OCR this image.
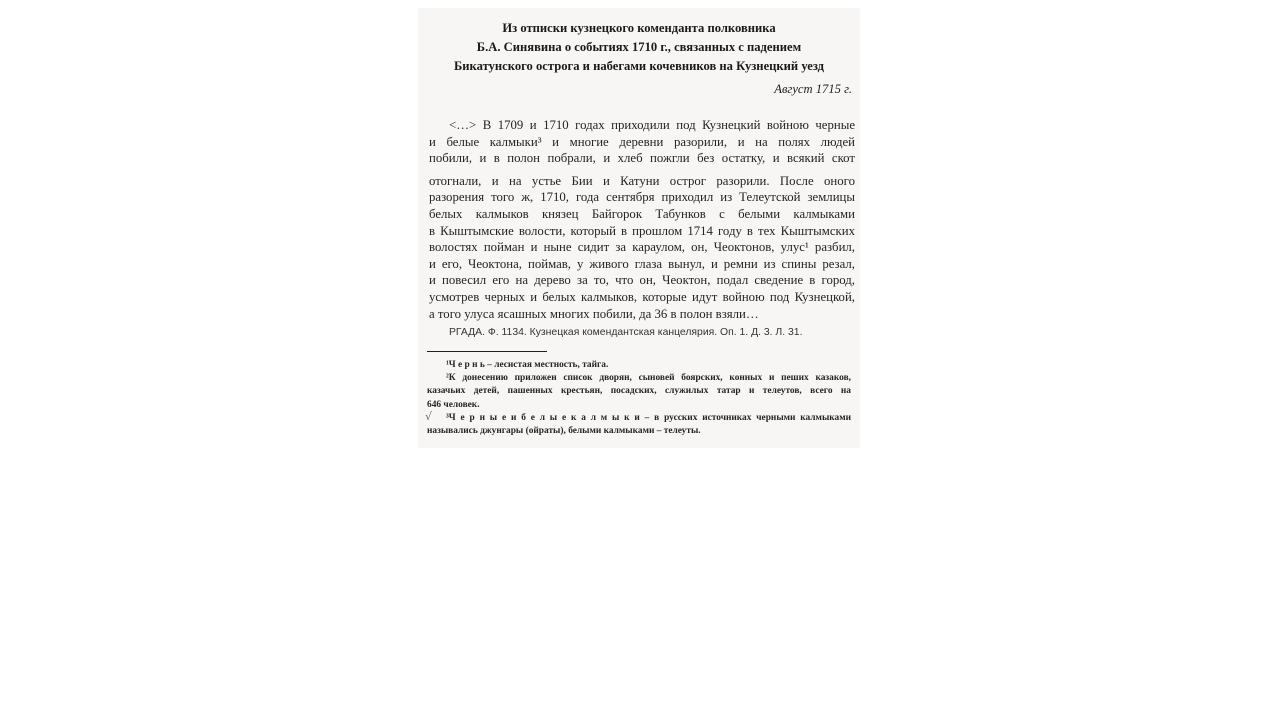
Из отписки кузнецкого коменданта полковника
Б.А. Синявина о событиях 1710 г., связанных с падением
Бикатунского острога и набегами кочевников на Кузнецкий уезд
Август 1715 г.
<…> В 1709 и 1710 годах приходили под Кузнецкий войною черные
и белые калмыки³ и многие деревни разорили, и на полях людей
побили, и в полон побрали, и хлеб пожгли без остатку, и всякий скот
отогнали, и на устье Бии и Катуни острог разорили. После оного
разорения того ж, 1710, года сентября приходил из Телеутской землицы
белых калмыков князец Байгорок Табунков с белыми калмыками
в Кыштымские волости, который в прошлом 1714 году в тех Кыштымских
волостях пойман и ныне сидит за караулом, он, Чеоктонов, улус¹ разбил,
и его, Чеоктона, поймав, у живого глаза вынул, и ремни из спины резал,
и повесил его на дерево за то, что он, Чеоктон, подал сведение в город,
усмотрев черных и белых калмыков, которые идут войною под Кузнецкой,
а того улуса ясашных многих побили, да 36 в полон взяли…
РГАДА. Ф. 1134. Кузнецкая комендантская канцелярия. Оп. 1. Д. 3. Л. 31.
√
¹Ч е р н ь – лесистая местность, тайга.
²К донесению приложен список дворян, сыновей боярских, конных и пеших казаков,
казачьих детей, пашенных крестьян, посадских, служилых татар и телеутов, всего на
646 человек.
³Ч е р н ы е и б е л ы е к а л м ы к и – в русских источниках черными калмыками
назывались джунгары (ойраты), белыми калмыками – телеуты.
